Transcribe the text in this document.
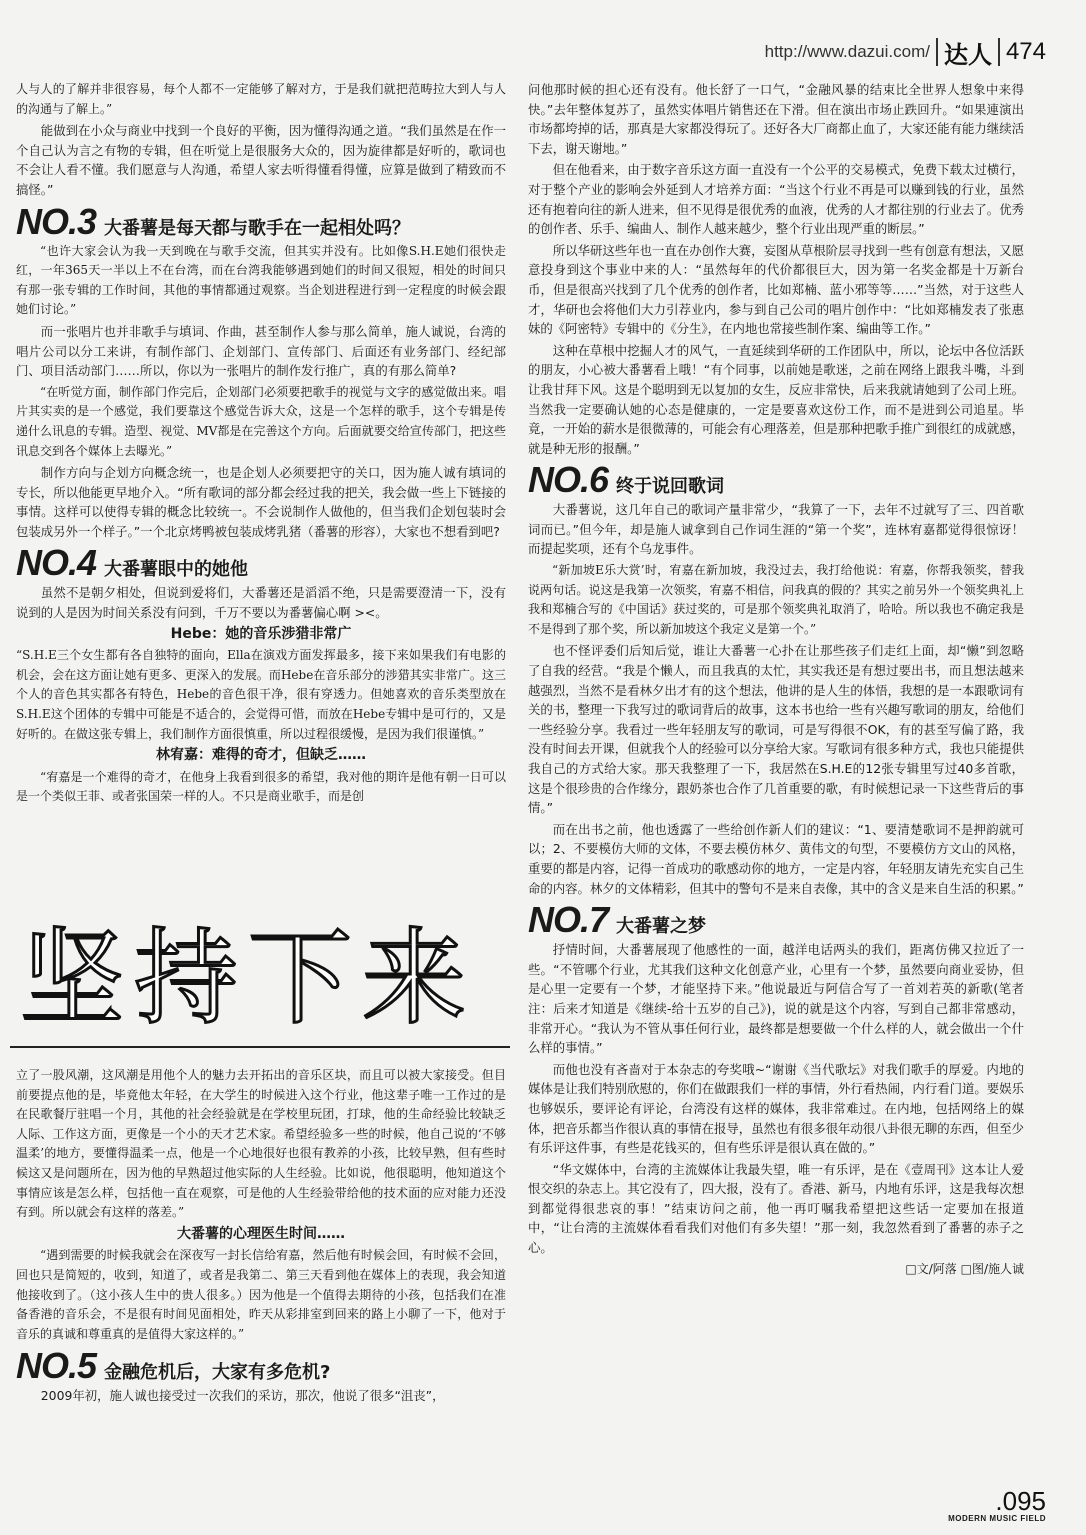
http://www.dazui.com/ 达人 474

人与人的了解并非很容易，每个人都不一定能够了解对方，于是我们就把范畴拉大到人与人的沟通与了解上。”

能做到在小众与商业中找到一个良好的平衡，因为懂得沟通之道。“我们虽然是在作一个自己认为言之有物的专辑，但在听觉上是很服务大众的，因为旋律都是好听的，歌词也不会让人看不懂。我们愿意与人沟通，希望人家去听得懂看得懂，应算是做到了精致而不搞怪。”

NO.3 大番薯是每天都与歌手在一起相处吗？

“也许大家会认为我一天到晚在与歌手交流，但其实并没有。比如像S.H.E她们很快走红，一年365天一半以上不在台湾，而在台湾我能够遇到她们的时间又很短，相处的时间只有那一张专辑的工作时间，其他的事情都通过观察。当企划进程进行到一定程度的时候会跟她们讨论。”

而一张唱片也并非歌手与填词、作曲，甚至制作人参与那么简单，施人诚说，台湾的唱片公司以分工来讲，有制作部门、企划部门、宣传部门、后面还有业务部门、经纪部门、项目活动部门……所以，你以为一张唱片的制作发行推广，真的有那么简单?

“在听觉方面，制作部门作完后，企划部门必须要把歌手的视觉与文字的感觉做出来。唱片其实卖的是一个感觉，我们要靠这个感觉告诉大众，这是一个怎样的歌手，这个专辑是传递什么讯息的专辑。造型、视觉、MV都是在完善这个方向。后面就要交给宣传部门，把这些讯息交到各个媒体上去曝光。”

制作方向与企划方向概念统一，也是企划人必须要把守的关口，因为施人诚有填词的专长，所以他能更早地介入。“所有歌词的部分都会经过我的把关，我会做一些上下链接的事情。这样可以使得专辑的概念比较统一。不会说制作人做他的，但当我们企划包装时会包装成另外一个样子。”一个北京烤鸭被包装成烤乳猪（番薯的形容），大家也不想看到吧?

NO.4 大番薯眼中的她他

虽然不是朝夕相处，但说到爱将们，大番薯还是滔滔不绝，只是需要澄清一下，没有说到的人是因为时间关系没有问到，千万不要以为番薯偏心啊 ><。

Hebe：她的音乐涉猎非常广

“S.H.E三个女生都有各自独特的面向，Ella在演戏方面发挥最多，接下来如果我们有电影的机会，会在这方面让她有更多、更深入的发展。而Hebe在音乐部分的涉猎其实非常广。这三个人的音色其实都各有特色，Hebe的音色很干净，很有穿透力。但她喜欢的音乐类型放在S.H.E这个团体的专辑中可能是不适合的，会觉得可惜，而放在Hebe专辑中是可行的，又是好听的。在做这张专辑上，我们制作方面很慎重，所以过程很缓慢，是因为我们很谨慎。”

林宥嘉：难得的奇才，但缺乏……

“宥嘉是一个难得的奇才，在他身上我看到很多的希望，我对他的期许是他有朝一日可以是一个类似王菲、或者张国荣一样的人。不只是商业歌手，而是创

坚持下来

立了一股风潮，这风潮是用他个人的魅力去开拓出的音乐区块，而且可以被大家接受。但目前要提点他的是，毕竟他太年轻，在大学生的时候进入这个行业，他这辈子唯一工作过的是在民歌餐厅驻唱一个月，其他的社会经验就是在学校里玩团，打球，他的生命经验比较缺乏人际、工作这方面，更像是一个小的天才艺术家。希望经验多一些的时候，他自己说的‘不够温柔’的地方，要懂得温柔一点，他是一个心地很好也很有教养的小孩，比较早熟，但有些时候这又是问题所在，因为他的早熟超过他实际的人生经验。比如说，他很聪明，他知道这个事情应该是怎么样，包括他一直在观察，可是他的人生经验带给他的技术面的应对能力还没有到。所以就会有这样的落差。”

大番薯的心理医生时间……

“遇到需要的时候我就会在深夜写一封长信给宥嘉，然后他有时候会回，有时候不会回，回也只是简短的，收到，知道了，或者是我第二、第三天看到他在媒体上的表现，我会知道他接收到了。（这小孩人生中的贵人很多。）因为他是一个值得去期待的小孩，包括我们在准备香港的音乐会，不是很有时间见面相处，昨天从彩排室到回来的路上小聊了一下，他对于音乐的真诚和尊重真的是值得大家这样的。”

NO.5 金融危机后，大家有多危机?

2009年初，施人诚也接受过一次我们的采访，那次，他说了很多“沮丧”，

问他那时候的担心还有没有。他长舒了一口气，“金融风暴的结束比全世界人想象中来得快。”去年整体复苏了，虽然实体唱片销售还在下滑。但在演出市场止跌回升。“如果連演出市场都垮掉的话，那真是大家都没得玩了。还好各大厂商都止血了，大家还能有能力继续活下去，谢天谢地。”

但在他看来，由于数字音乐这方面一直没有一个公平的交易模式，免费下载太过横行，对于整个产业的影响会外延到人才培养方面：“当这个行业不再是可以赚到钱的行业，虽然还有抱着向往的新人进来，但不见得是很优秀的血液，优秀的人才都往别的行业去了。优秀的创作者、乐手、编曲人、制作人越来越少，整个行业出现严重的断层。”

所以华研这些年也一直在办创作大赛，妄图从草根阶层寻找到一些有创意有想法，又愿意投身到这个事业中来的人：“虽然每年的代价都很巨大，因为第一名奖金都是十万新台币，但是很高兴找到了几个优秀的创作者，比如郑楠、蓝小邪等等……”当然，对于这些人才，华研也会将他们大力引荐业内，参与到自己公司的唱片创作中：“比如郑楠发表了张惠妹的《阿密特》专辑中的《分生》，在内地也常接些制作案、编曲等工作。”

这种在草根中挖掘人才的风气，一直延续到华研的工作团队中，所以，论坛中各位活跃的朋友，小心被大番薯看上哦！“有个同事，以前她是歌迷，之前在网络上跟我斗嘴，斗到让我甘拜下风。这是个聪明到无以复加的女生，反应非常快，后来我就请她到了公司上班。当然我一定要确认她的心态是健康的，一定是要喜欢这份工作，而不是进到公司追星。毕竟，一开始的薪水是很微薄的，可能会有心理落差，但是那种把歌手推广到很红的成就感，就是种无形的报酬。”

NO.6 终于说回歌词

大番薯说，这几年自己的歌词产量非常少，“我算了一下，去年不过就写了三、四首歌词而已。”但今年，却是施人诚拿到自己作词生涯的“第一个奖”，连林宥嘉都觉得很惊讶！而提起奖项，还有个乌龙事件。

“新加坡E乐大赏’时，宥嘉在新加坡，我没过去，我打给他说：宥嘉，你帮我领奖，替我说两句话。说这是我第一次领奖，宥嘉不相信，问我真的假的？其实之前另外一个领奖典礼上我和郑楠合写的《中国话》获过奖的，可是那个领奖典礼取消了，哈哈。所以我也不确定我是不是得到了那个奖，所以新加坡这个我定义是第一个。”

也不怪评委们后知后觉，谁让大番薯一心扑在让那些孩子们走红上面，却“懒”到忽略了自我的经营。“我是个懒人，而且我真的太忙，其实我还是有想过要出书，而且想法越来越强烈，当然不是看林夕出才有的这个想法，他讲的是人生的体悟，我想的是一本跟歌词有关的书，整理一下我写过的歌词背后的故事，这本书也给一些有兴趣写歌词的朋友，给他们一些经验分享。我看过一些年轻朋友写的歌词，可是写得很不OK，有的甚至写偏了路，我没有时间去开课，但就我个人的经验可以分享给大家。写歌词有很多种方式，我也只能提供我自己的方式给大家。那天我整理了一下，我居然在S.H.E的12张专辑里写过40多首歌，这是个很珍贵的合作缘分，跟奶茶也合作了几首重要的歌，有时候想记录一下这些背后的事情。”

而在出书之前，他也透露了一些给创作新人们的建议：“1、要清楚歌词不是押韵就可以；2、不要模仿大师的文体，不要去模仿林夕、黄伟文的句型，不要模仿方文山的风格，重要的都是内容，记得一首成功的歌感动你的地方，一定是内容，年轻朋友请先充实自己生命的内容。林夕的文体精彩，但其中的警句不是来自表像，其中的含义是来自生活的积累。”

NO.7 大番薯之梦

抒情时间，大番薯展现了他感性的一面，越洋电话两头的我们，距离仿佛又拉近了一些。“不管哪个行业，尤其我们这种文化创意产业，心里有一个梦，虽然要向商业妥协，但是心里一定要有一个梦，才能坚持下来。”他说最近与阿信合写了一首刘若英的新歌(笔者注：后来才知道是《继续-给十五岁的自己》)，说的就是这个内容，写到自己都非常感动，非常开心。“我认为不管从事任何行业，最终都是想要做一个什么样的人，就会做出一个什么样的事情。”

而他也没有吝啬对于本杂志的夸奖哦~“谢谢《当代歌坛》对我们歌手的厚爱。内地的媒体是让我们特别欣慰的，你们在做跟我们一样的事情，外行看热闹，内行看门道。要娱乐也够娱乐，要评论有评论，台湾没有这样的媒体，我非常难过。在内地，包括网络上的媒体，把音乐都当作很认真的事情在报导，虽然也有很多很年动很八卦很无聊的东西，但至少有乐评这件事，有些是花钱买的，但有些乐评是很认真在做的。”

“华文媒体中，台湾的主流媒体让我最失望，唯一有乐评，是在《壹周刊》这本让人爱恨交织的杂志上。其它没有了，四大报，没有了。香港、新马，内地有乐评，这是我每次想到都觉得很悲哀的事！”结束访问之前，他一再叮嘱我希望把这些话一定要加在报道中，“让台湾的主流媒体看看我们对他们有多失望！”那一刻，我忽然看到了番薯的赤子之心。

□文/阿落 □图/施人诚
.095
MODERN MUSIC FIELD
